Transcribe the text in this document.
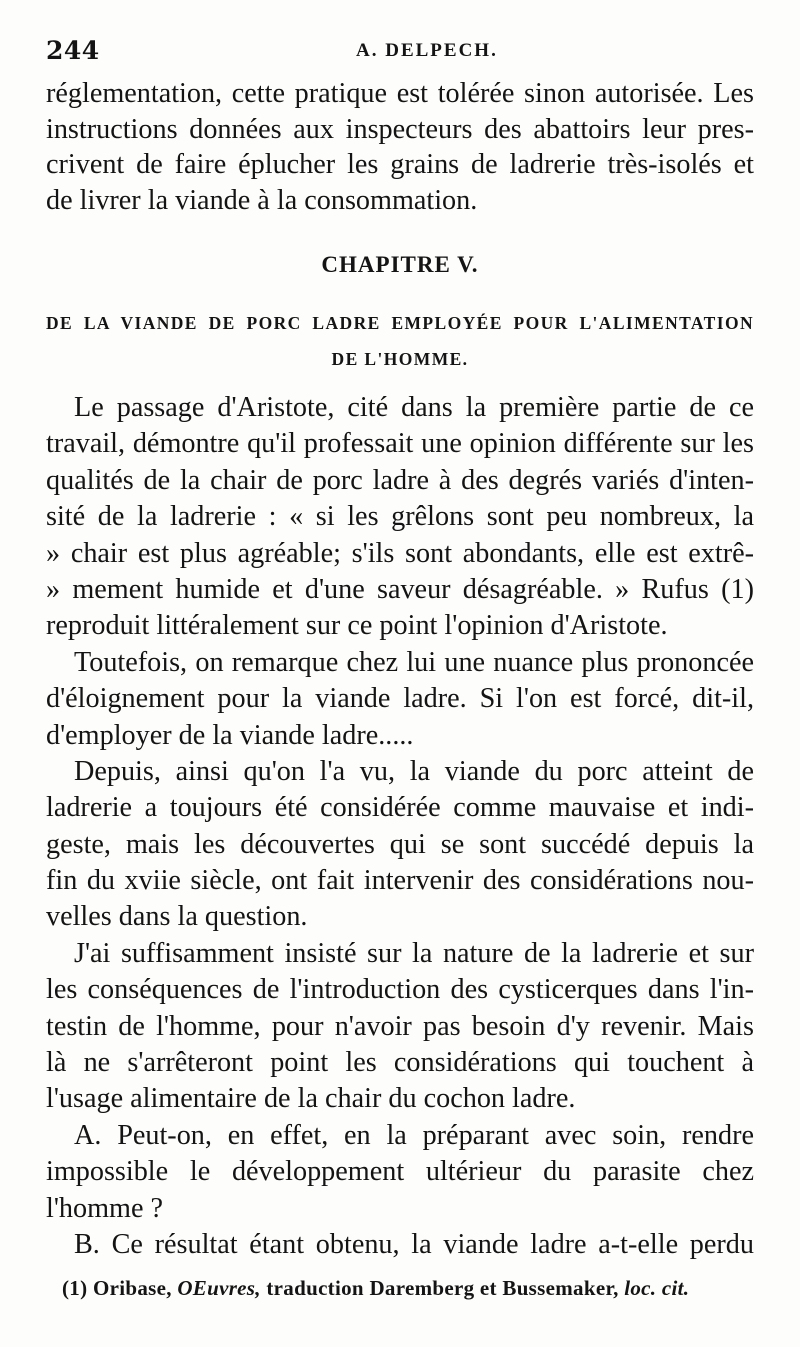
244	A. DELPECH.
réglementation, cette pratique est tolérée sinon autorisée. Les
instructions données aux inspecteurs des abattoirs leur pres-
crivent de faire éplucher les grains de ladrerie très-isolés et
de livrer la viande à la consommation.
CHAPITRE V.
DE LA VIANDE DE PORC LADRE EMPLOYÉE POUR L'ALIMENTATION
DE L'HOMME.
Le passage d'Aristote, cité dans la première partie de ce
travail, démontre qu'il professait une opinion différente sur les
qualités de la chair de porc ladre à des degrés variés d'inten-
sité de la ladrerie : « si les grêlons sont peu nombreux, la
» chair est plus agréable; s'ils sont abondants, elle est extrê-
» mement humide et d'une saveur désagréable. » Rufus (1)
reproduit littéralement sur ce point l'opinion d'Aristote.
Toutefois, on remarque chez lui une nuance plus prononcée
d'éloignement pour la viande ladre. Si l'on est forcé, dit-il,
d'employer de la viande ladre.....
Depuis, ainsi qu'on l'a vu, la viande du porc atteint de
ladrerie a toujours été considérée comme mauvaise et indi-
geste, mais les découvertes qui se sont succédé depuis la
fin du xviie siècle, ont fait intervenir des considérations nou-
velles dans la question.
J'ai suffisamment insisté sur la nature de la ladrerie et sur
les conséquences de l'introduction des cysticerques dans l'in-
testin de l'homme, pour n'avoir pas besoin d'y revenir. Mais
là ne s'arrêteront point les considérations qui touchent à
l'usage alimentaire de la chair du cochon ladre.
A. Peut-on, en effet, en la préparant avec soin, rendre
impossible le développement ultérieur du parasite chez
l'homme ?
B. Ce résultat étant obtenu, la viande ladre a-t-elle perdu
(1) Oribase, OEuvres, traduction Daremberg et Bussemaker, loc. cit.
